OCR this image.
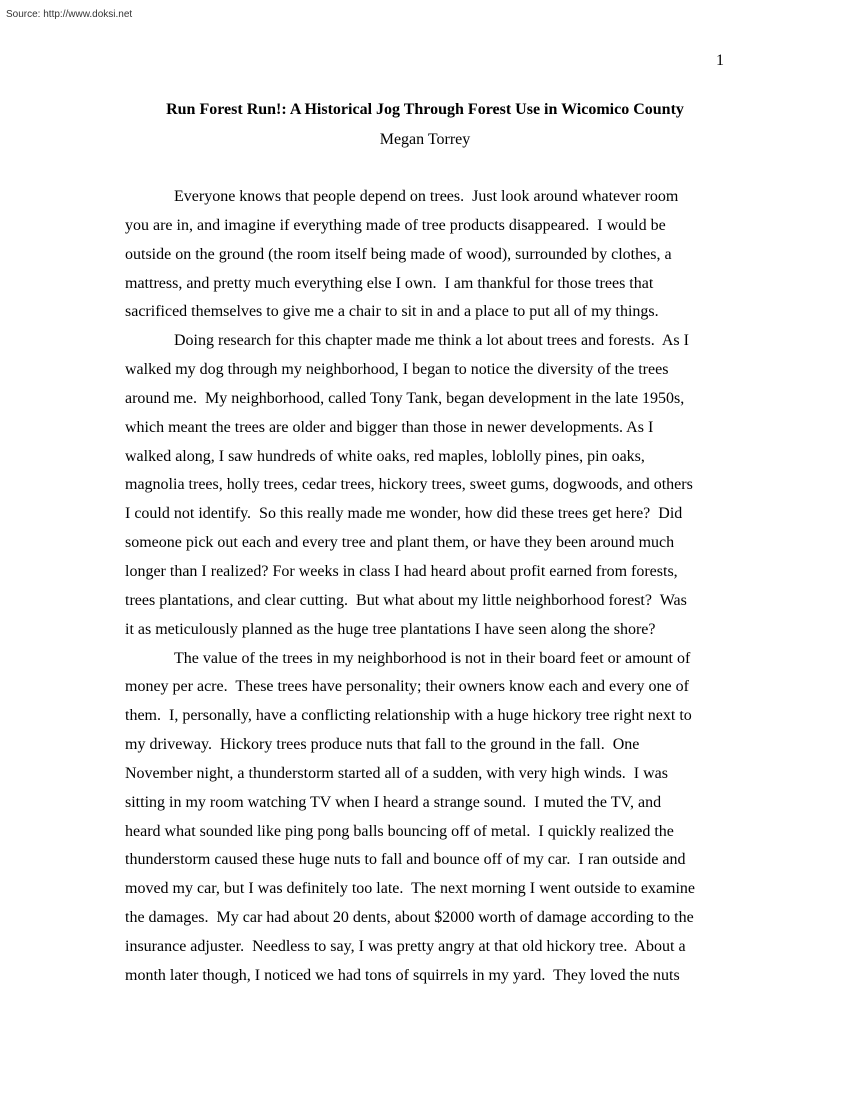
Source: http://www.doksi.net
1
Run Forest Run!: A Historical Jog Through Forest Use in Wicomico County
Megan Torrey
Everyone knows that people depend on trees.  Just look around whatever room
you are in, and imagine if everything made of tree products disappeared.  I would be
outside on the ground (the room itself being made of wood), surrounded by clothes, a
mattress, and pretty much everything else I own.  I am thankful for those trees that
sacrificed themselves to give me a chair to sit in and a place to put all of my things.
Doing research for this chapter made me think a lot about trees and forests.  As I
walked my dog through my neighborhood, I began to notice the diversity of the trees
around me.  My neighborhood, called Tony Tank, began development in the late 1950s,
which meant the trees are older and bigger than those in newer developments. As I
walked along, I saw hundreds of white oaks, red maples, loblolly pines, pin oaks,
magnolia trees, holly trees, cedar trees, hickory trees, sweet gums, dogwoods, and others
I could not identify.  So this really made me wonder, how did these trees get here?  Did
someone pick out each and every tree and plant them, or have they been around much
longer than I realized? For weeks in class I had heard about profit earned from forests,
trees plantations, and clear cutting.  But what about my little neighborhood forest?  Was
it as meticulously planned as the huge tree plantations I have seen along the shore?
The value of the trees in my neighborhood is not in their board feet or amount of
money per acre.  These trees have personality; their owners know each and every one of
them.  I, personally, have a conflicting relationship with a huge hickory tree right next to
my driveway.  Hickory trees produce nuts that fall to the ground in the fall.  One
November night, a thunderstorm started all of a sudden, with very high winds.  I was
sitting in my room watching TV when I heard a strange sound.  I muted the TV, and
heard what sounded like ping pong balls bouncing off of metal.  I quickly realized the
thunderstorm caused these huge nuts to fall and bounce off of my car.  I ran outside and
moved my car, but I was definitely too late.  The next morning I went outside to examine
the damages.  My car had about 20 dents, about $2000 worth of damage according to the
insurance adjuster.  Needless to say, I was pretty angry at that old hickory tree.  About a
month later though, I noticed we had tons of squirrels in my yard.  They loved the nuts
